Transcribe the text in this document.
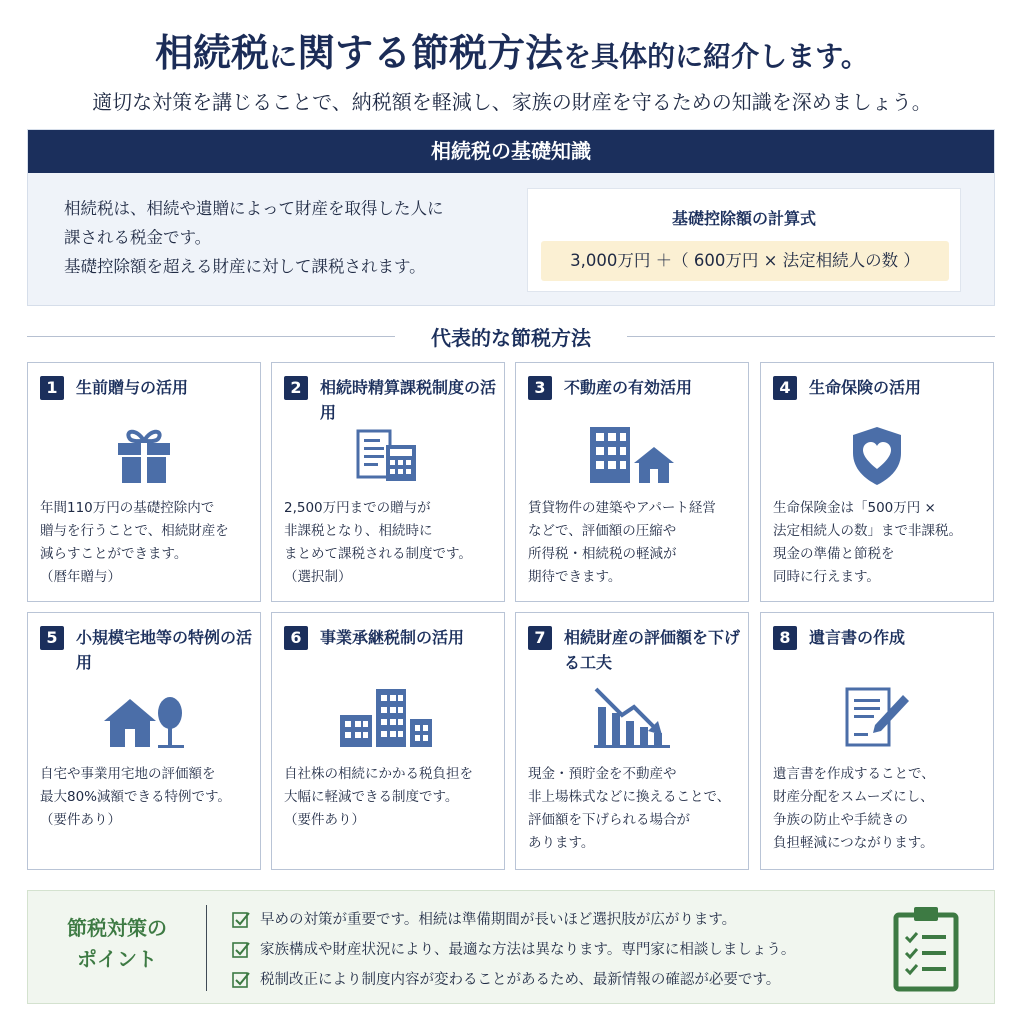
相続税に関する節税方法を具体的に紹介します。
適切な対策を講じることで、納税額を軽減し、家族の財産を守るための知識を深めましょう。
相続税の基礎知識
相続税は、相続や遺贈によって財産を取得した人に
課される税金です。
基礎控除額を超える財産に対して課税されます。
基礎控除額の計算式
3,000万円 ＋（ 600万円 × 法定相続人の数 ）
代表的な節税方法
1	生前贈与の活用
年間110万円の基礎控除内で
贈与を行うことで、相続財産を
減らすことができます。
（暦年贈与）
2	相続時精算課税制度の活用
2,500万円までの贈与が
非課税となり、相続時に
まとめて課税される制度です。
（選択制）
3	不動産の有効活用
賃貸物件の建築やアパート経営
などで、評価額の圧縮や
所得税・相続税の軽減が
期待できます。
4	生命保険の活用
生命保険金は「500万円 ×
法定相続人の数」まで非課税。
現金の準備と節税を
同時に行えます。
5	小規模宅地等の特例の活用
自宅や事業用宅地の評価額を
最大80%減額できる特例です。
（要件あり）
6	事業承継税制の活用
自社株の相続にかかる税負担を
大幅に軽減できる制度です。
（要件あり）
7	相続財産の評価額を下げる工夫
現金・預貯金を不動産や
非上場株式などに換えることで、
評価額を下げられる場合が
あります。
8	遺言書の作成
遺言書を作成することで、
財産分配をスムーズにし、
争族の防止や手続きの
負担軽減につながります。
節税対策の
ポイント
早めの対策が重要です。相続は準備期間が長いほど選択肢が広がります。
家族構成や財産状況により、最適な方法は異なります。専門家に相談しましょう。
税制改正により制度内容が変わることがあるため、最新情報の確認が必要です。
